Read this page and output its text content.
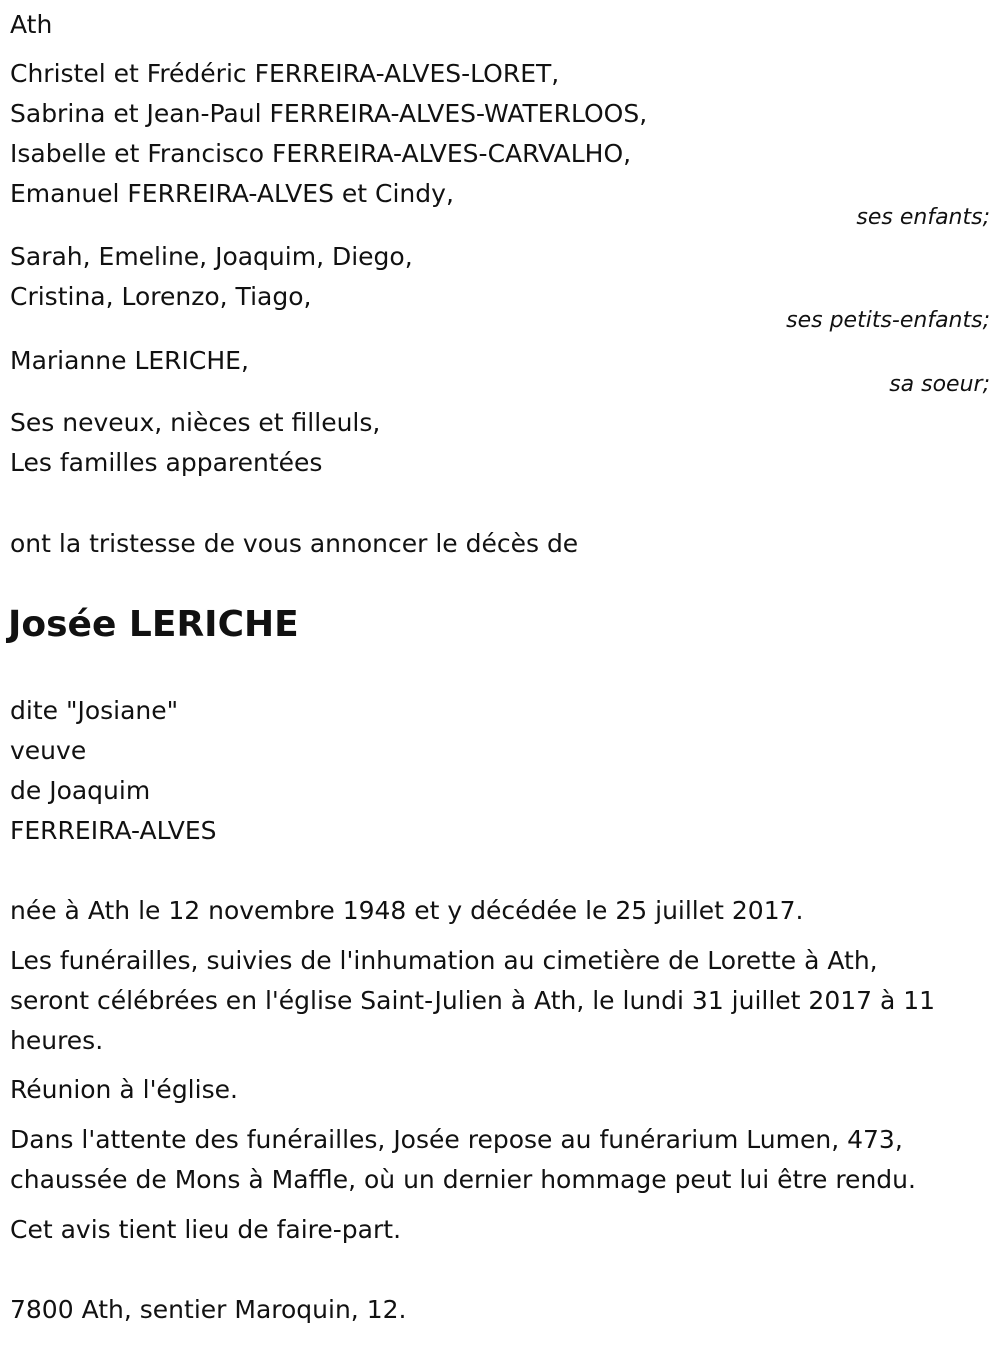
Ath
Christel et Frédéric FERREIRA-ALVES-LORET,
Sabrina et Jean-Paul FERREIRA-ALVES-WATERLOOS,
Isabelle et Francisco FERREIRA-ALVES-CARVALHO,
Emanuel FERREIRA-ALVES et Cindy,
ses enfants;
Sarah, Emeline, Joaquim, Diego,
Cristina, Lorenzo, Tiago,
ses petits-enfants;
Marianne LERICHE,
sa soeur;
Ses neveux, nièces et filleuls,
Les familles apparentées
ont la tristesse de vous annoncer le décès de
Josée LERICHE
dite "Josiane"
veuve
de Joaquim
FERREIRA-ALVES
née à Ath le 12 novembre 1948 et y décédée le 25 juillet 2017.
Les funérailles, suivies de l'inhumation au cimetière de Lorette à Ath,
seront célébrées en l'église Saint-Julien à Ath, le lundi 31 juillet 2017 à 11
heures.
Réunion à l'église.
Dans l'attente des funérailles, Josée repose au funérarium Lumen, 473,
chaussée de Mons à Maffle, où un dernier hommage peut lui être rendu.
Cet avis tient lieu de faire-part.
7800 Ath, sentier Maroquin, 12.
